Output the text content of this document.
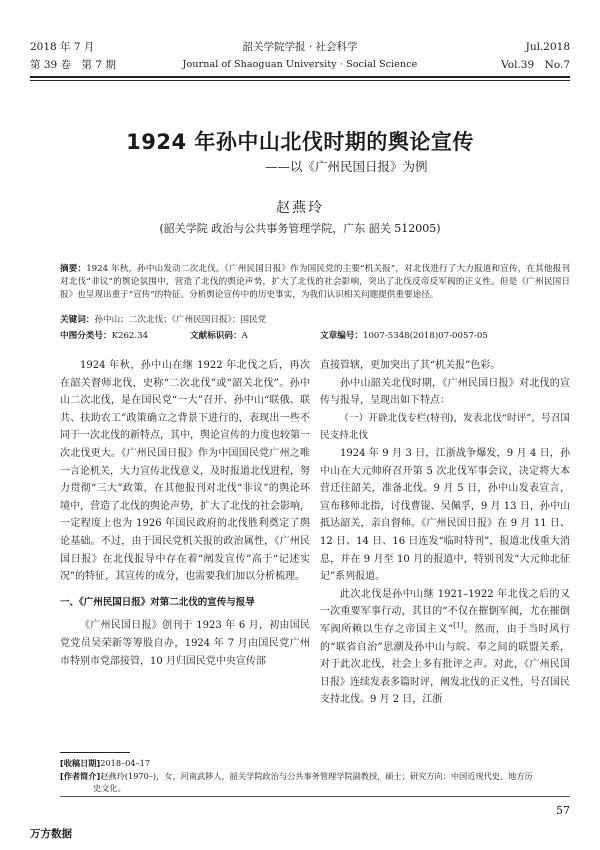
2018 年 7 月	韶关学院学报 · 社会科学	Jul.2018
第 39 卷　第 7 期	Journal of Shaoguan University · Social Science	Vol.39　No.7
1924 年孙中山北伐时期的舆论宣传
——以《广州民国日报》为例
赵燕玲
(韶关学院 政治与公共事务管理学院，广东 韶关 512005)
摘要：1924 年秋，孙中山发动二次北伐。《广州民国日报》作为国民党的主要“机关报”，对北伐进行了大力报道和宣传，在其他报刊对北伐“非议”的舆论氛围中，营造了北伐的舆论声势，扩大了北伐的社会影响，突出了北伐反帝反军阀的正义性。但是《广州民国日报》也呈现出重于“宣传”的特征。分析舆论宣传中的历史事实，为我们认识相关问题提供重要途径。
关键词：孙中山；二次北伐；《广州民国日报》；国民党
中图分类号：K262.34	文献标识码：A	文章编号：1007-5348(2018)07-0057-05

1924 年秋，孙中山在继 1922 年北伐之后，再次在韶关督师北伐，史称“二次北伐”或“韶关北伐”。孙中山二次北伐，是在国民党“一大”召开、孙中山“联俄、联共、扶助农工”政策确立之背景下进行的，表现出一些不同于一次北伐的新特点，其中，舆论宣传的力度也较第一次北伐更大。《广州民国日报》作为中国国民党广州之唯一言论机关，大力宣传北伐意义，及时报道北伐进程，努力贯彻“三大”政策，在其他报刊对北伐“非议”的舆论环境中，营造了北伐的舆论声势，扩大了北伐的社会影响，一定程度上也为 1926 年国民政府的北伐胜利奠定了舆论基础。不过，由于国民党机关报的政治属性，《广州民国日报》在北伐报导中存在着“阐发宣传”高于“记述实况”的特征，其宣传的成分，也需要我们加以分析梳理。

一、《广州民国日报》对第二北伐的宣传与报导

《广州民国日报》创刊于 1923 年 6 月，初由国民党党员吴荣新等筹股自办，1924 年 7 月由国民党广州市特别市党部接管，10 月归国民党中央宣传部

直接管辖，更加突出了其“机关报”色彩。

孙中山韶关北伐时期，《广州民国日报》对北伐的宣传与报导，呈现出如下特点：

（一）开辟北伐专栏(特刊)，发表北伐“时评”，号召国民支持北伐

1924 年 9 月 3 日，江浙战争爆发，9 月 4 日，孙中山在大元帅府召开第 5 次北伐军事会议，决定将大本营迁往韶关，准备北伐。9 月 5 日，孙中山发表宣言，宣布移师北指，讨伐曹锟、吴佩孚，9 月 13 日，孙中山抵达韶关，亲自督师。《广州民国日报》在 9 月 11 日、12 日、14 日、16 日连发“临时特刊”，报道北伐重大消息，并在 9 月至 10 月的报道中，特别刊发“大元帅北征记”系列报道。

此次北伐是孙中山继 1921–1922 年北伐之后的又一次重要军事行动，其目的“不仅在摧倒军阀，尤在摧倒军阀所赖以生存之帝国主义”[1]。然而，由于当时风行的“联省自治”思潮及孙中山与皖、奉之间的联盟关系，对于此次北伐，社会上多有批评之声。对此，《广州民国日报》连续发表多篇时评，阐发北伐的正义性，号召国民支持北伐。9 月 2 日，江浙

[收稿日期]2018–04–17
[作者简介]赵燕玲(1970–)，女，河南武陟人，韶关学院政治与公共事务管理学院副教授，硕士；研究方向：中国近现代史、地方历
史文化。
57
万方数据
